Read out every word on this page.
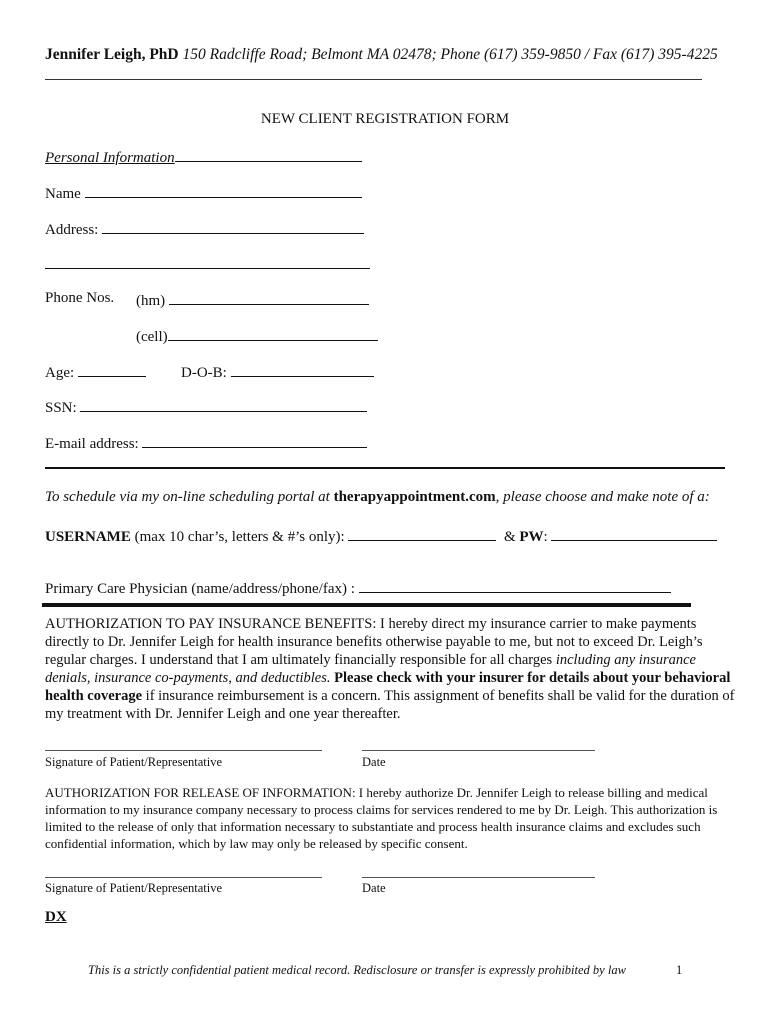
Jennifer Leigh, PhD 150 Radcliffe Road; Belmont MA 02478; Phone (617) 359-9850 / Fax (617) 395-4225
NEW CLIENT REGISTRATION FORM
Personal Information
Name
Address:
Phone Nos. (hm)
(cell)
Age:	D-O-B:
SSN:
E-mail address:
To schedule via my on-line scheduling portal at therapyappointment.com, please choose and make note of a:
USERNAME (max 10 char’s, letters & #’s only):	& PW:
Primary Care Physician (name/address/phone/fax) :
AUTHORIZATION TO PAY INSURANCE BENEFITS: I hereby direct my insurance carrier to make payments directly to Dr. Jennifer Leigh for health insurance benefits otherwise payable to me, but not to exceed Dr. Leigh’s regular charges. I understand that I am ultimately financially responsible for all charges including any insurance denials, insurance co-payments, and deductibles. Please check with your insurer for details about your behavioral health coverage if insurance reimbursement is a concern. This assignment of benefits shall be valid for the duration of my treatment with Dr. Jennifer Leigh and one year thereafter.
Signature of Patient/Representative	Date
AUTHORIZATION FOR RELEASE OF INFORMATION: I hereby authorize Dr. Jennifer Leigh to release billing and medical information to my insurance company necessary to process claims for services rendered to me by Dr. Leigh. This authorization is limited to the release of only that information necessary to substantiate and process health insurance claims and excludes such confidential information, which by law may only be released by specific consent.
Signature of Patient/Representative	Date
DX
This is a strictly confidential patient medical record. Redisclosure or transfer is expressly prohibited by law	1
